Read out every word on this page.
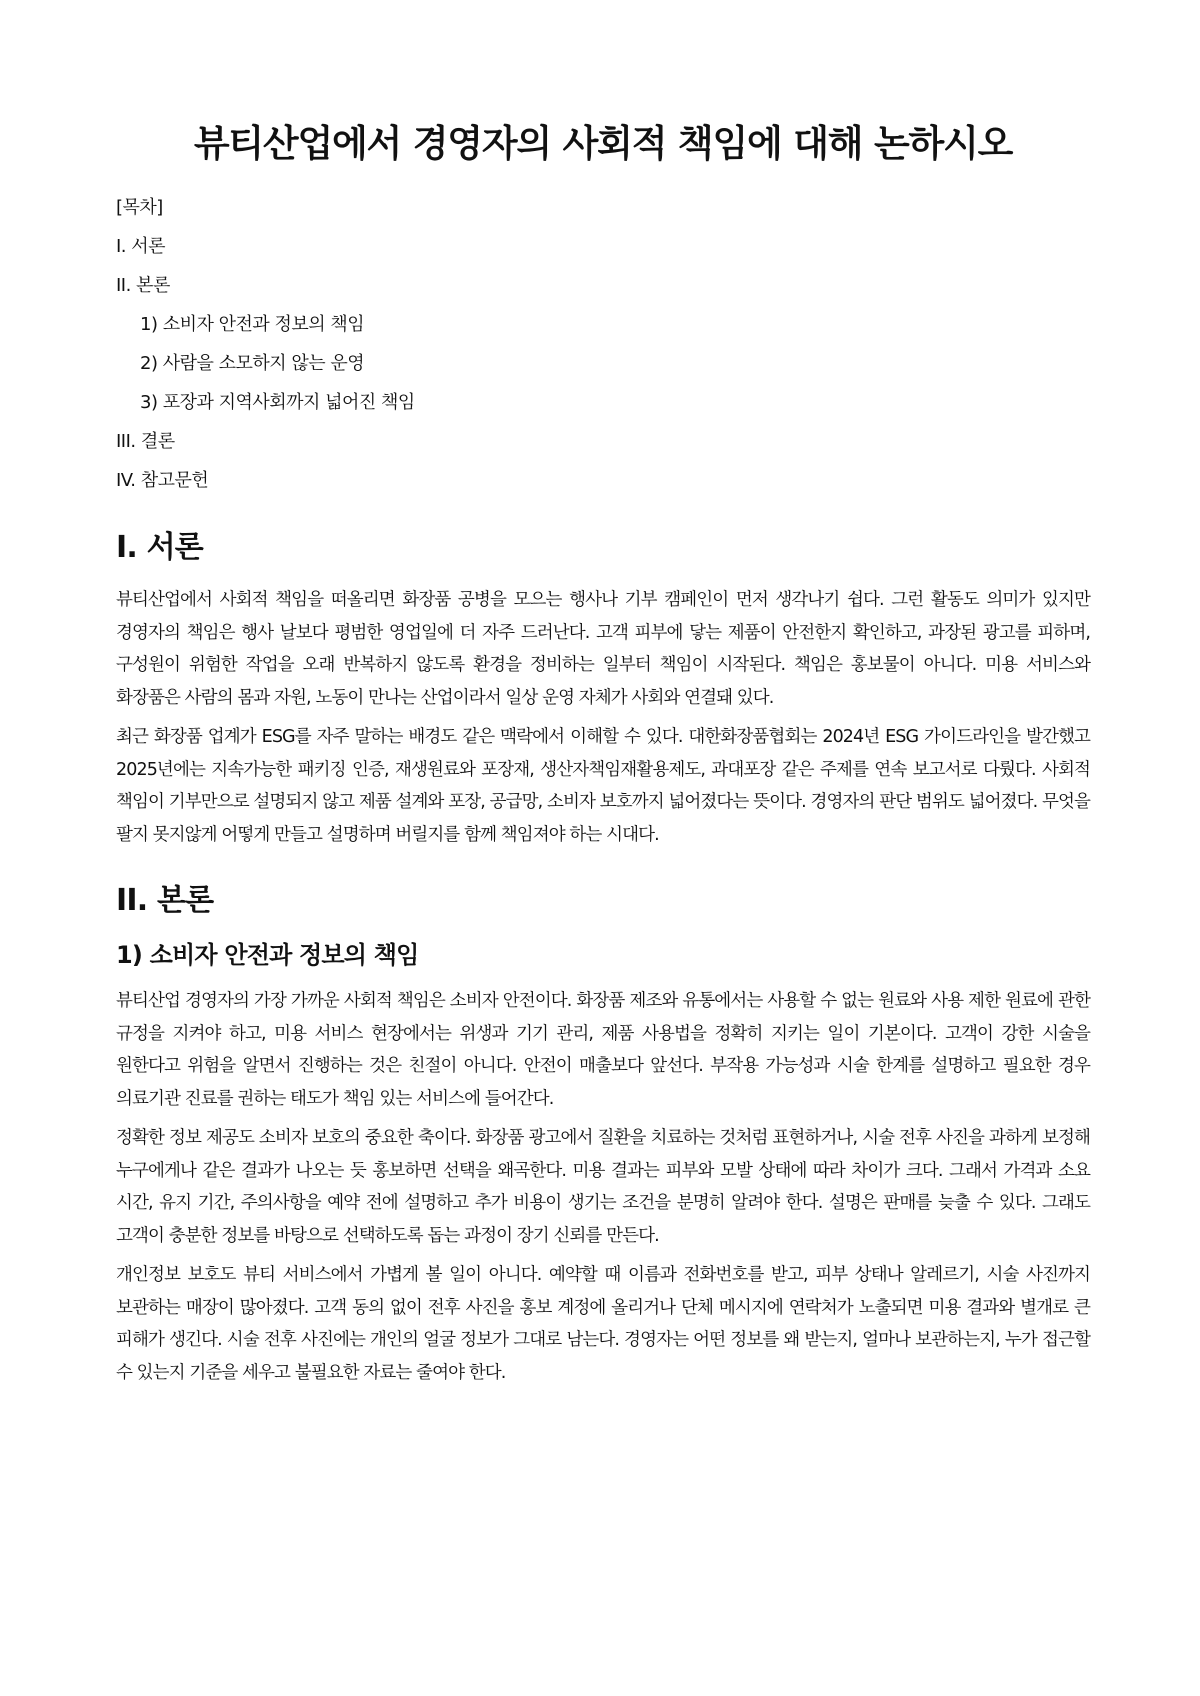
뷰티산업에서 경영자의 사회적 책임에 대해 논하시오
[목차]
I. 서론
II. 본론
1) 소비자 안전과 정보의 책임
2) 사람을 소모하지 않는 운영
3) 포장과 지역사회까지 넓어진 책임
III. 결론
IV. 참고문헌
I. 서론

뷰티산업에서 사회적 책임을 떠올리면 화장품 공병을 모으는 행사나 기부 캠페인이 먼저 생각나기 쉽다. 그런 활동도 의미가 있지만 경영자의 책임은 행사 날보다 평범한 영업일에 더 자주 드러난다. 고객 피부에 닿는 제품이 안전한지 확인하고, 과장된 광고를 피하며, 구성원이 위험한 작업을 오래 반복하지 않도록 환경을 정비하는 일부터 책임이 시작된다. 책임은 홍보물이 아니다. 미용 서비스와 화장품은 사람의 몸과 자원, 노동이 만나는 산업이라서 일상 운영 자체가 사회와 연결돼 있다.

최근 화장품 업계가 ESG를 자주 말하는 배경도 같은 맥락에서 이해할 수 있다. 대한화장품협회는 2024년 ESG 가이드라인을 발간했고 2025년에는 지속가능한 패키징 인증, 재생원료와 포장재, 생산자책임재활용제도, 과대포장 같은 주제를 연속 보고서로 다뤘다. 사회적 책임이 기부만으로 설명되지 않고 제품 설계와 포장, 공급망, 소비자 보호까지 넓어졌다는 뜻이다. 경영자의 판단 범위도 넓어졌다. 무엇을 팔지 못지않게 어떻게 만들고 설명하며 버릴지를 함께 책임져야 하는 시대다.

II. 본론
1) 소비자 안전과 정보의 책임

뷰티산업 경영자의 가장 가까운 사회적 책임은 소비자 안전이다. 화장품 제조와 유통에서는 사용할 수 없는 원료와 사용 제한 원료에 관한 규정을 지켜야 하고, 미용 서비스 현장에서는 위생과 기기 관리, 제품 사용법을 정확히 지키는 일이 기본이다. 고객이 강한 시술을 원한다고 위험을 알면서 진행하는 것은 친절이 아니다. 안전이 매출보다 앞선다. 부작용 가능성과 시술 한계를 설명하고 필요한 경우 의료기관 진료를 권하는 태도가 책임 있는 서비스에 들어간다.

정확한 정보 제공도 소비자 보호의 중요한 축이다. 화장품 광고에서 질환을 치료하는 것처럼 표현하거나, 시술 전후 사진을 과하게 보정해 누구에게나 같은 결과가 나오는 듯 홍보하면 선택을 왜곡한다. 미용 결과는 피부와 모발 상태에 따라 차이가 크다. 그래서 가격과 소요 시간, 유지 기간, 주의사항을 예약 전에 설명하고 추가 비용이 생기는 조건을 분명히 알려야 한다. 설명은 판매를 늦출 수 있다. 그래도 고객이 충분한 정보를 바탕으로 선택하도록 돕는 과정이 장기 신뢰를 만든다.

개인정보 보호도 뷰티 서비스에서 가볍게 볼 일이 아니다. 예약할 때 이름과 전화번호를 받고, 피부 상태나 알레르기, 시술 사진까지 보관하는 매장이 많아졌다. 고객 동의 없이 전후 사진을 홍보 계정에 올리거나 단체 메시지에 연락처가 노출되면 미용 결과와 별개로 큰 피해가 생긴다. 시술 전후 사진에는 개인의 얼굴 정보가 그대로 남는다. 경영자는 어떤 정보를 왜 받는지, 얼마나 보관하는지, 누가 접근할 수 있는지 기준을 세우고 불필요한 자료는 줄여야 한다.
